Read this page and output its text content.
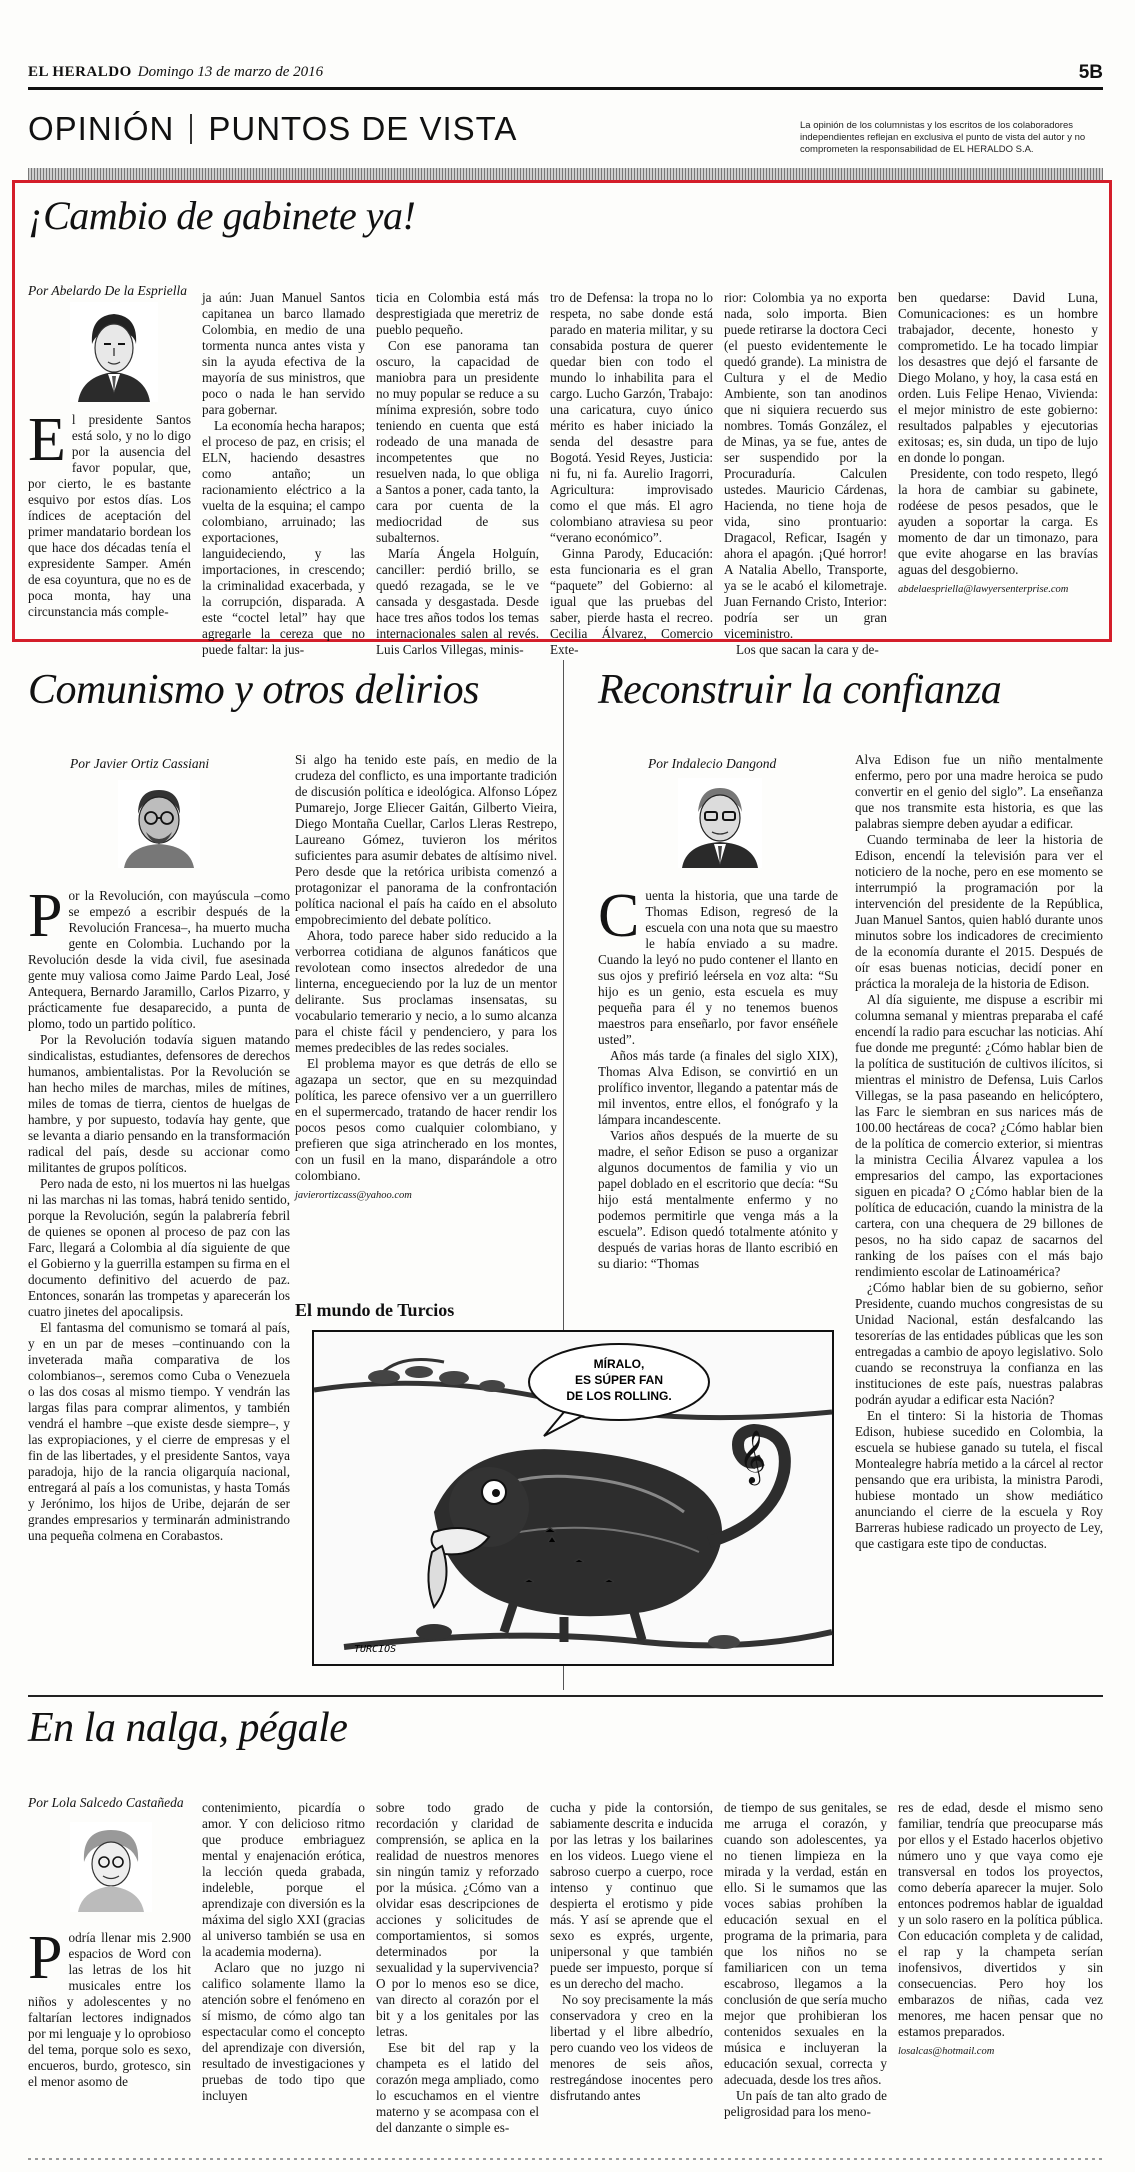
EL HERALDO Domingo 13 de marzo de 2016	5B
OPINIÓN PUNTOS DE VISTA	La opinión de los columnistas y los escritos de los colaboradores independientes reflejan en exclusiva el punto de vista del autor y no comprometen la responsabilidad de EL HERALDO S.A.
¡Cambio de gabinete ya!
Por Abelardo De la Espriella
E l presidente Santos está solo, y no lo digo por la ausencia del favor popular, que, por cierto, le es bastante esquivo por estos días. Los índices de aceptación del primer mandatario bordean los que hace dos décadas tenía el expresidente Samper. Amén de esa coyuntura, que no es de poca monta, hay una circunstancia más comple-

ja aún: Juan Manuel Santos capitanea un barco llamado Colombia, en medio de una tormenta nunca antes vista y sin la ayuda efectiva de la mayoría de sus ministros, que poco o nada le han servido para gobernar.

La economía hecha harapos; el proceso de paz, en crisis; el ELN, haciendo desastres como antaño; un racionamiento eléctrico a la vuelta de la esquina; el campo colombiano, arruinado; las exportaciones, languideciendo, y las importaciones, in crescendo; la criminalidad exacerbada, y la corrupción, disparada. A este “coctel letal” hay que agregarle la cereza que no puede faltar: la jus-

ticia en Colombia está más desprestigiada que meretriz de pueblo pequeño.

Con ese panorama tan oscuro, la capacidad de maniobra para un presidente no muy popular se reduce a su mínima expresión, sobre todo teniendo en cuenta que está rodeado de una manada de incompetentes que no resuelven nada, lo que obliga a Santos a poner, cada tanto, la cara por cuenta de la mediocridad de sus subalternos.

María Ángela Holguín, canciller: perdió brillo, se quedó rezagada, se le ve cansada y desgastada. Desde hace tres años todos los temas internacionales salen al revés. Luis Carlos Villegas, minis-

tro de Defensa: la tropa no lo respeta, no sabe donde está parado en materia militar, y su consabida postura de querer quedar bien con todo el mundo lo inhabilita para el cargo. Lucho Garzón, Trabajo: una caricatura, cuyo único mérito es haber iniciado la senda del desastre para Bogotá. Yesid Reyes, Justicia: ni fu, ni fa. Aurelio Iragorri, Agricultura: improvisado como el que más. El agro colombiano atraviesa su peor “verano económico”.

Ginna Parody, Educación: esta funcionaria es el gran “paquete” del Gobierno: al igual que las pruebas del saber, pierde hasta el recreo. Cecilia Álvarez, Comercio Exte-

rior: Colombia ya no exporta nada, solo importa. Bien puede retirarse la doctora Ceci (el puesto evidentemente le quedó grande). La ministra de Cultura y el de Medio Ambiente, son tan anodinos que ni siquiera recuerdo sus nombres. Tomás González, el de Minas, ya se fue, antes de ser suspendido por la Procuraduría. Calculen ustedes. Mauricio Cárdenas, Hacienda, no tiene hoja de vida, sino prontuario: Dragacol, Reficar, Isagén y ahora el apagón. ¡Qué horror! A Natalia Abello, Transporte, ya se le acabó el kilometraje. Juan Fernando Cristo, Interior: podría ser un gran viceministro.

Los que sacan la cara y de-

ben quedarse: David Luna, Comunicaciones: es un hombre trabajador, decente, honesto y comprometido. Le ha tocado limpiar los desastres que dejó el farsante de Diego Molano, y hoy, la casa está en orden. Luis Felipe Henao, Vivienda: el mejor ministro de este gobierno: resultados palpables y ejecutorias exitosas; es, sin duda, un tipo de lujo en donde lo pongan.

Presidente, con todo respeto, llegó la hora de cambiar su gabinete, rodéese de pesos pesados, que le ayuden a soportar la carga. Es momento de dar un timonazo, para que evite ahogarse en las bravías aguas del desgobierno.

abdelaespriella@lawyersenterprise.com
Comunismo y otros delirios
Por Javier Ortiz Cassiani
P or la Revolución, con mayúscula –como se empezó a escribir después de la Revolución Francesa–, ha muerto mucha gente en Colombia. Luchando por la Revolución desde la vida civil, fue asesinada gente muy valiosa como Jaime Pardo Leal, José Antequera, Bernardo Jaramillo, Carlos Pizarro, y prácticamente fue desaparecido, a punta de plomo, todo un partido político.

Por la Revolución todavía siguen matando sindicalistas, estudiantes, defensores de derechos humanos, ambientalistas. Por la Revolución se han hecho miles de marchas, miles de mítines, miles de tomas de tierra, cientos de huelgas de hambre, y por supuesto, todavía hay gente, que se levanta a diario pensando en la transformación radical del país, desde su accionar como militantes de grupos políticos.

Pero nada de esto, ni los muertos ni las huelgas ni las marchas ni las tomas, habrá tenido sentido, porque la Revolución, según la palabrería febril de quienes se oponen al proceso de paz con las Farc, llegará a Colombia al día siguiente de que el Gobierno y la guerrilla estampen su firma en el documento definitivo del acuerdo de paz. Entonces, sonarán las trompetas y aparecerán los cuatro jinetes del apocalipsis.

El fantasma del comunismo se tomará al país, y en un par de meses –continuando con la inveterada maña comparativa de los colombianos–, seremos como Cuba o Venezuela o las dos cosas al mismo tiempo. Y vendrán las largas filas para comprar alimentos, y también vendrá el hambre –que existe desde siempre–, y las expropiaciones, y el cierre de empresas y el fin de las libertades, y el presidente Santos, vaya paradoja, hijo de la rancia oligarquía nacional, entregará al país a los comunistas, y hasta Tomás y Jerónimo, los hijos de Uribe, dejarán de ser grandes empresarios y terminarán administrando una pequeña colmena en Corabastos.

Si algo ha tenido este país, en medio de la crudeza del conflicto, es una importante tradición de discusión política e ideológica. Alfonso López Pumarejo, Jorge Eliecer Gaitán, Gilberto Vieira, Diego Montaña Cuellar, Carlos Lleras Restrepo, Laureano Gómez, tuvieron los méritos suficientes para asumir debates de altísimo nivel. Pero desde que la retórica uribista comenzó a protagonizar el panorama de la confrontación política nacional el país ha caído en el absoluto empobrecimiento del debate político.

Ahora, todo parece haber sido reducido a la verborrea cotidiana de algunos fanáticos que revolotean como insectos alrededor de una linterna, encegueciendo por la luz de un mentor delirante. Sus proclamas insensatas, su vocabulario temerario y necio, a lo sumo alcanza para el chiste fácil y pendenciero, y para los memes predecibles de las redes sociales.

El problema mayor es que detrás de ello se agazapa un sector, que en su mezquindad política, les parece ofensivo ver a un guerrillero en el supermercado, tratando de hacer rendir los pocos pesos como cualquier colombiano, y prefieren que siga atrincherado en los montes, con un fusil en la mano, disparándole a otro colombiano.

javierortizcass@yahoo.com
El mundo de Turcios
𝄞
MÍRALO,
ES SÚPER FAN
DE LOS ROLLING.
TURCIOS
Reconstruir la confianza
Por Indalecio Dangond
C uenta la historia, que una tarde de Thomas Edison, regresó de la escuela con una nota que su maestro le había enviado a su madre. Cuando la leyó no pudo contener el llanto en sus ojos y prefirió leérsela en voz alta: “Su hijo es un genio, esta escuela es muy pequeña para él y no tenemos buenos maestros para enseñarlo, por favor enséñele usted”.

Años más tarde (a finales del siglo XIX), Thomas Alva Edison, se convirtió en un prolífico inventor, llegando a patentar más de mil inventos, entre ellos, el fonógrafo y la lámpara incandescente.

Varios años después de la muerte de su madre, el señor Edison se puso a organizar algunos documentos de familia y vio un papel doblado en el escritorio que decía: “Su hijo está mentalmente enfermo y no podemos permitirle que venga más a la escuela”. Edison quedó totalmente atónito y después de varias horas de llanto escribió en su diario: “Thomas

Alva Edison fue un niño mentalmente enfermo, pero por una madre heroica se pudo convertir en el genio del siglo”. La enseñanza que nos transmite esta historia, es que las palabras siempre deben ayudar a edificar.

Cuando terminaba de leer la historia de Edison, encendí la televisión para ver el noticiero de la noche, pero en ese momento se interrumpió la programación por la intervención del presidente de la República, Juan Manuel Santos, quien habló durante unos minutos sobre los indicadores de crecimiento de la economía durante el 2015. Después de oír esas buenas noticias, decidí poner en práctica la moraleja de la historia de Edison.

Al día siguiente, me dispuse a escribir mi columna semanal y mientras preparaba el café encendí la radio para escuchar las noticias. Ahí fue donde me pregunté: ¿Cómo hablar bien de la política de sustitución de cultivos ilícitos, si mientras el ministro de Defensa, Luis Carlos Villegas, se la pasa paseando en helicóptero, las Farc le siembran en sus narices más de 100.00 hectáreas de coca? ¿Cómo hablar bien de la política de comercio exterior, si mientras la ministra Cecilia Álvarez vapulea a los empresarios del campo, las exportaciones siguen en picada? O ¿Cómo hablar bien de la política de educación, cuando la ministra de la cartera, con una chequera de 29 billones de pesos, no ha sido capaz de sacarnos del ranking de los países con el más bajo rendimiento escolar de Latinoamérica?

¿Cómo hablar bien de su gobierno, señor Presidente, cuando muchos congresistas de su Unidad Nacional, están desfalcando las tesorerías de las entidades públicas que les son entregadas a cambio de apoyo legislativo. Solo cuando se reconstruya la confianza en las instituciones de este país, nuestras palabras podrán ayudar a edificar esta Nación?

En el tintero: Si la historia de Thomas Edison, hubiese sucedido en Colombia, la escuela se hubiese ganado su tutela, el fiscal Montealegre habría metido a la cárcel al rector pensando que era uribista, la ministra Parodi, hubiese montado un show mediático anunciando el cierre de la escuela y Roy Barreras hubiese radicado un proyecto de Ley, que castigara este tipo de conductas.

En la nalga, pégale
Por Lola Salcedo Castañeda
P odría llenar mis 2.900 espacios de Word con las letras de los hit musicales entre los niños y adolescentes y no faltarían lectores indignados por mi lenguaje y lo oprobioso del tema, porque solo es sexo, encueros, burdo, grotesco, sin el menor asomo de

contenimiento, picardía o amor. Y con delicioso ritmo que produce embriaguez mental y enajenación erótica, la lección queda grabada, indeleble, porque el aprendizaje con diversión es la máxima del siglo XXI (gracias al universo también se usa en la academia moderna).

Aclaro que no juzgo ni califico solamente llamo la atención sobre el fenómeno en sí mismo, de cómo algo tan espectacular como el concepto del aprendizaje con diversión, resultado de investigaciones y pruebas de todo tipo que incluyen

sobre todo grado de recordación y claridad de comprensión, se aplica en la realidad de nuestros menores sin ningún tamiz y reforzado por la música. ¿Cómo van a olvidar esas descripciones de acciones y solicitudes de comportamientos, si somos determinados por la sexualidad y la supervivencia? O por lo menos eso se dice, van directo al corazón por el bit y a los genitales por las letras.

Ese bit del rap y la champeta es el latido del corazón mega ampliado, como lo escuchamos en el vientre materno y se acompasa con el del danzante o simple es-

cucha y pide la contorsión, sabiamente descrita e inducida por las letras y los bailarines en los videos. Luego viene el sabroso cuerpo a cuerpo, roce intenso y continuo que despierta el erotismo y pide más. Y así se aprende que el sexo es exprés, urgente, unipersonal y que también puede ser impuesto, porque sí es un derecho del macho.

No soy precisamente la más conservadora y creo en la libertad y el libre albedrío, pero cuando veo los videos de menores de seis años, restregándose inocentes pero disfrutando antes

de tiempo de sus genitales, se me arruga el corazón, y cuando son adolescentes, ya no tienen limpieza en la mirada y la verdad, están en ello. Si le sumamos que las voces sabias prohíben la educación sexual en el programa de la primaria, para que los niños no se familiaricen con un tema escabroso, llegamos a la conclusión de que sería mucho mejor que prohibieran los contenidos sexuales en la música e incluyeran la educación sexual, correcta y adecuada, desde los tres años.

Un país de tan alto grado de peligrosidad para los meno-

res de edad, desde el mismo seno familiar, tendría que preocuparse más por ellos y el Estado hacerlos objetivo número uno y que vaya como eje transversal en todos los proyectos, como debería aparecer la mujer. Solo entonces podremos hablar de igualdad y un solo rasero en la política pública. Con educación completa y de calidad, el rap y la champeta serían inofensivos, divertidos y sin consecuencias. Pero hoy los embarazos de niñas, cada vez menores, me hacen pensar que no estamos preparados.

losalcas@hotmail.com
